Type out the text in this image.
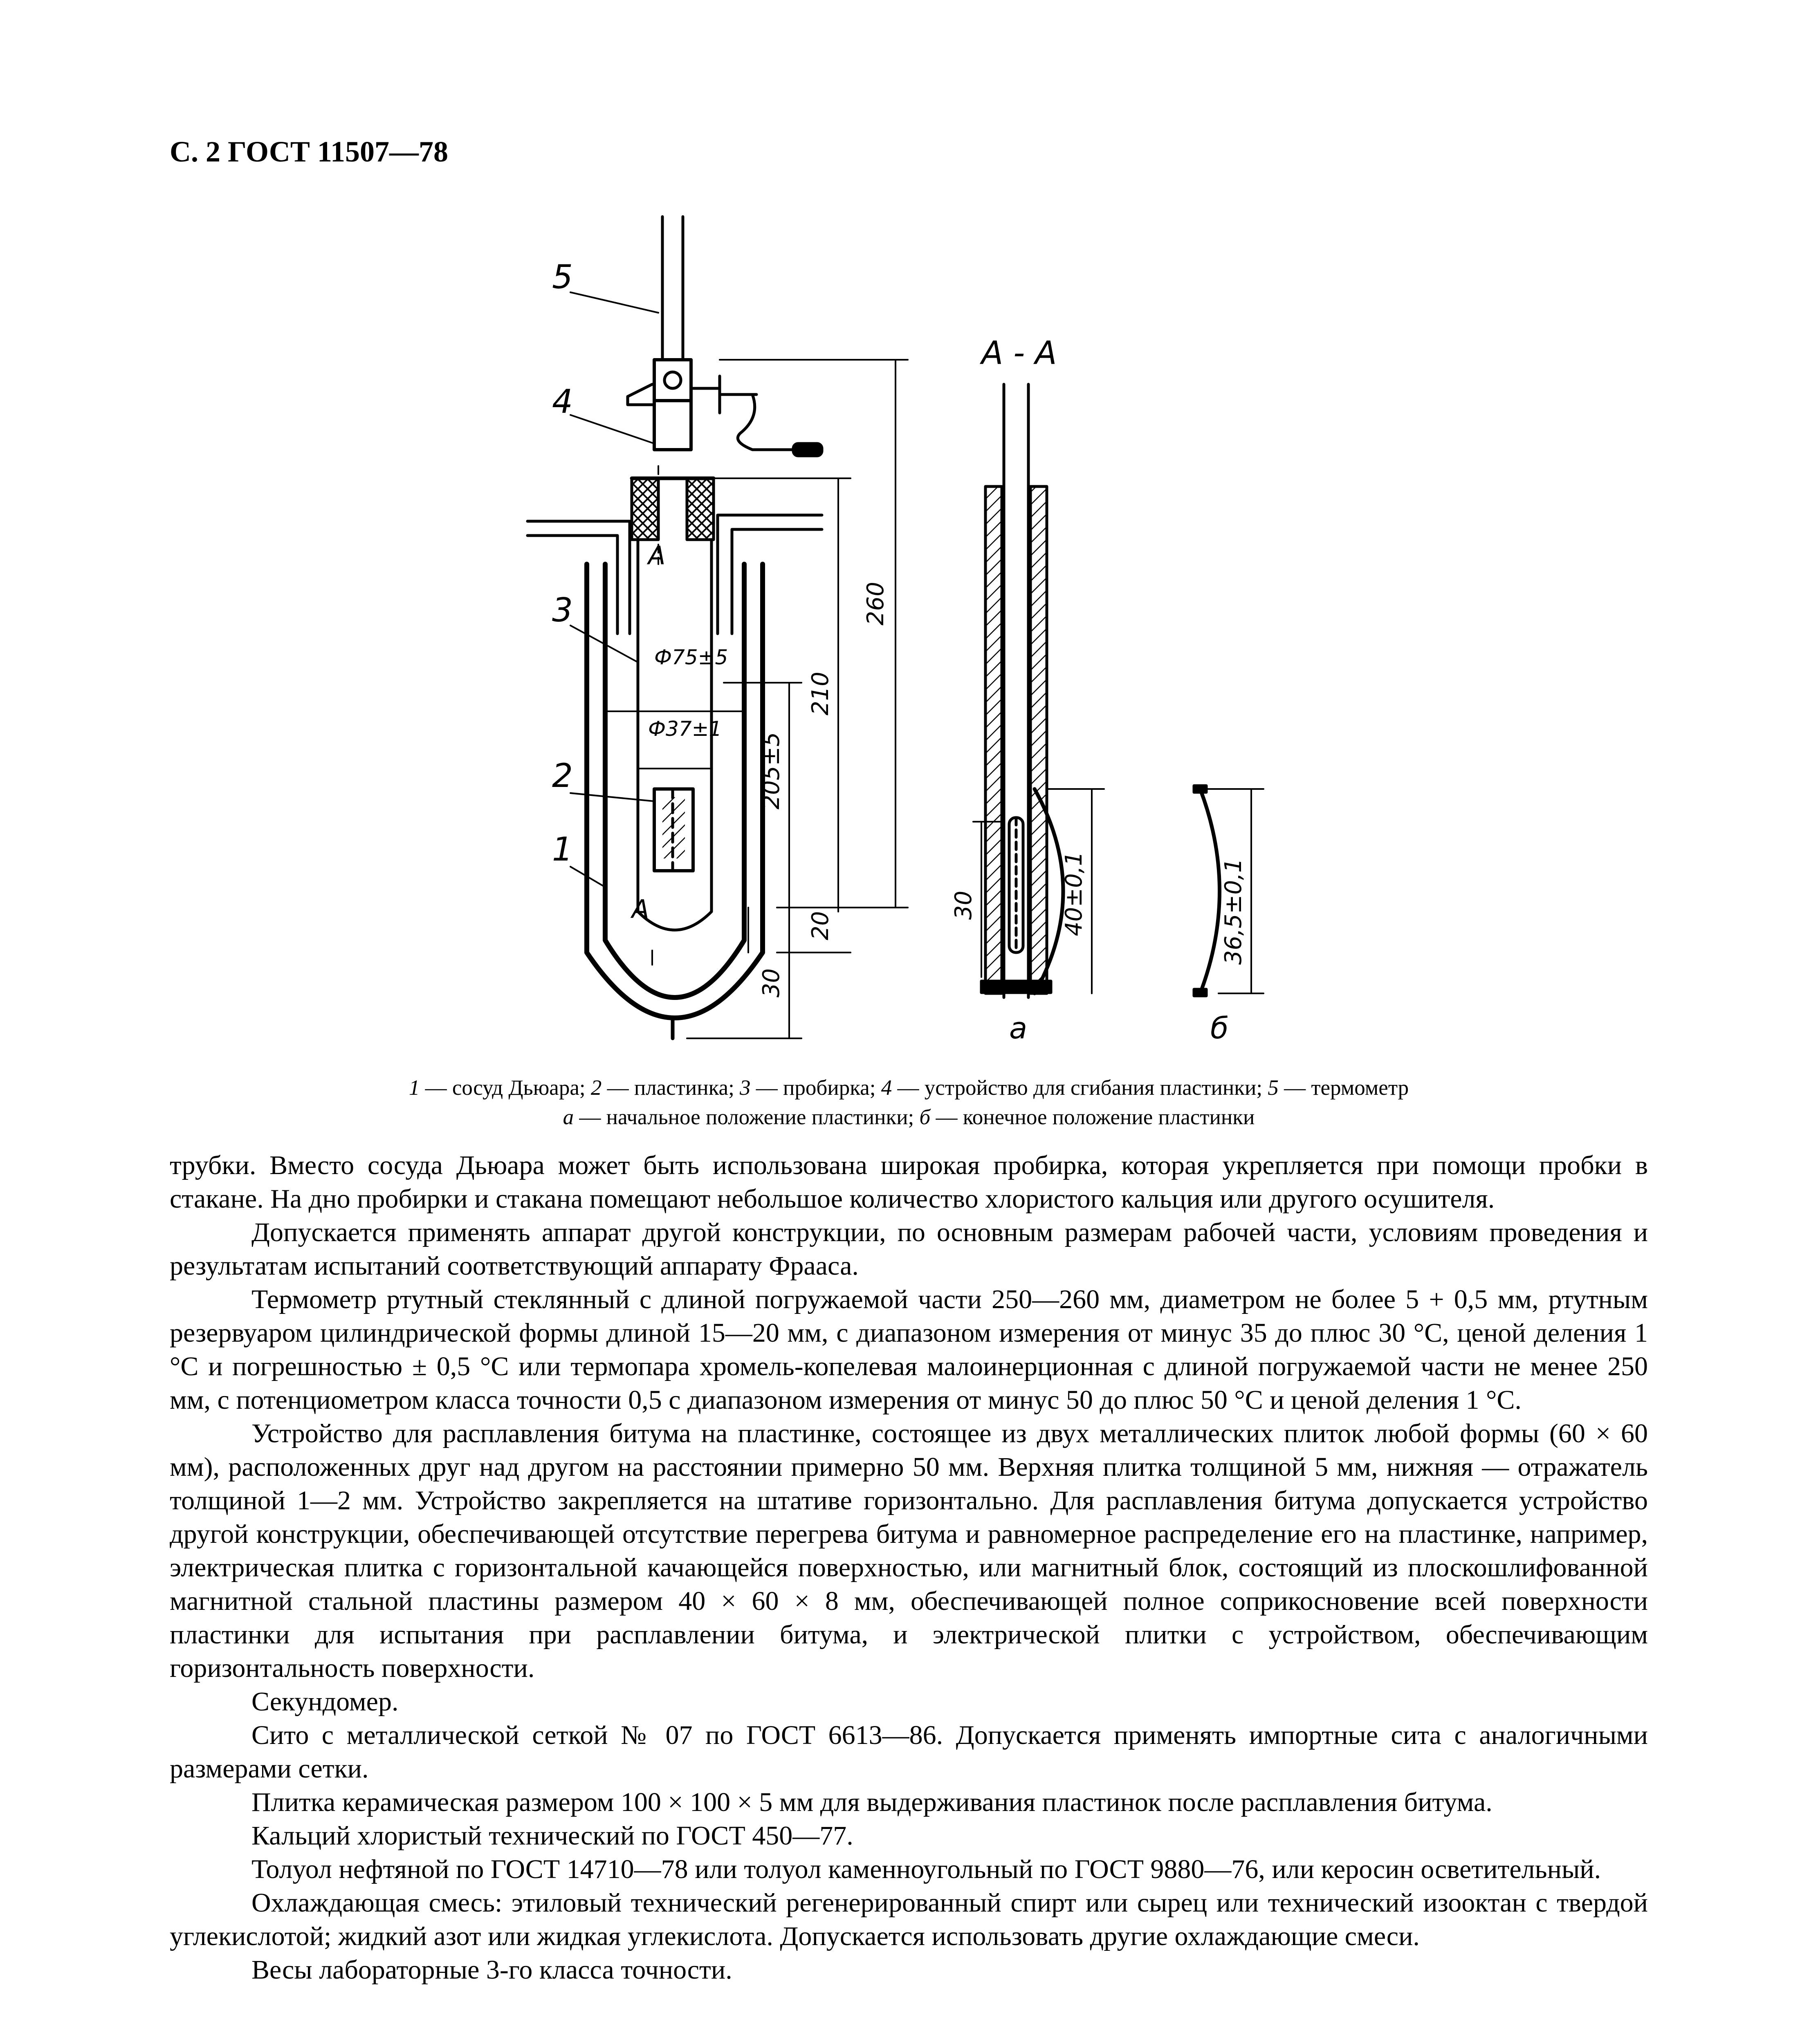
С. 2 ГОСТ 11507—78
5
4
3
2
1
А
А
Ф75±5
Ф37±1
260
210
205±5
20
30
30	40±0,1	36,5±0,1
А - А
а	б
1 — сосуд Дьюара; 2 — пластинка; 3 — пробирка; 4 — устройство для сгибания пластинки; 5 — термометр
а — начальное положение пластинки; б — конечное положение пластинки

трубки. Вместо сосуда Дьюара может быть использована широкая пробирка, которая укрепляется при помощи пробки в стакане. На дно пробирки и стакана помещают небольшое количество хлористого кальция или другого осушителя.

Допускается применять аппарат другой конструкции, по основным размерам рабочей части, условиям проведения и результатам испытаний соответствующий аппарату Фрааса.

Термометр ртутный стеклянный с длиной погружаемой части 250—260 мм, диаметром не более 5 + 0,5 мм, ртутным резервуаром цилиндрической формы длиной 15—20 мм, с диапазоном измерения от минус 35 до плюс 30 °С, ценой деления 1 °С и погрешностью ± 0,5 °С или термопара хромель-копелевая малоинерционная с длиной погружаемой части не менее 250 мм, с потенциометром класса точности 0,5 с диапазоном измерения от минус 50 до плюс 50 °С и ценой деления 1 °С.

Устройство для расплавления битума на пластинке, состоящее из двух металлических плиток любой формы (60 × 60 мм), расположенных друг над другом на расстоянии примерно 50 мм. Верхняя плитка толщиной 5 мм, нижняя — отражатель толщиной 1—2 мм. Устройство закрепляется на штативе горизонтально. Для расплавления битума допускается устройство другой конструкции, обеспечивающей отсутствие перегрева битума и равномерное распределение его на пластинке, например, электрическая плитка с горизонтальной качающейся поверхностью, или магнитный блок, состоящий из плоскошлифованной магнитной стальной пластины размером 40 × 60 × 8 мм, обеспечивающей полное соприкосновение всей поверхности пластинки для испытания при расплавлении битума, и электрической плитки с устройством, обеспечивающим горизонтальность поверхности.

Секундомер.

Сито с металлической сеткой № 07 по ГОСТ 6613—86. Допускается применять импортные сита с аналогичными размерами сетки.

Плитка керамическая размером 100 × 100 × 5 мм для выдерживания пластинок после расплавления битума.

Кальций хлористый технический по ГОСТ 450—77.

Толуол нефтяной по ГОСТ 14710—78 или толуол каменноугольный по ГОСТ 9880—76, или керосин осветительный.

Охлаждающая смесь: этиловый технический регенерированный спирт или сырец или технический изооктан с твердой углекислотой; жидкий азот или жидкая углекислота. Допускается использовать другие охлаждающие смеси.

Весы лабораторные 3-го класса точности.
